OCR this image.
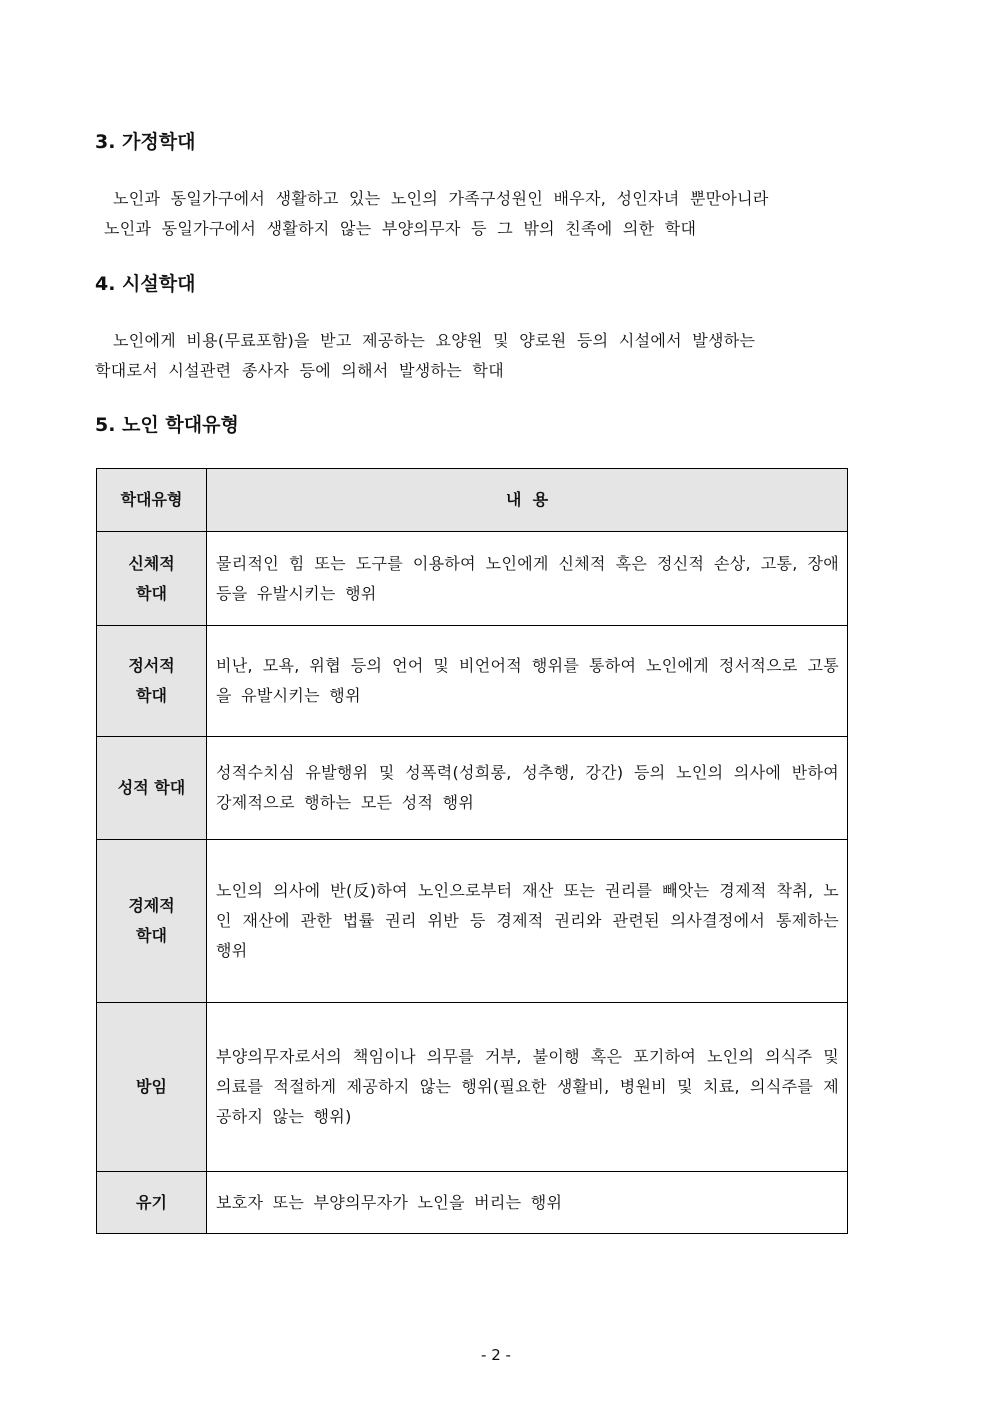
3. 가정학대

노인과 동일가구에서 생활하고 있는 노인의 가족구성원인 배우자, 성인자녀 뿐만아니라

노인과 동일가구에서 생활하지 않는 부양의무자 등 그 밖의 친족에 의한 학대

4. 시설학대

노인에게 비용(무료포함)을 받고 제공하는 요양원 및 양로원 등의 시설에서 발생하는

학대로서 시설관련 종사자 등에 의해서 발생하는 학대

5. 노인 학대유형
학대유형	내  용
신체적
학대	물리적인 힘 또는 도구를 이용하여 노인에게 신체적 혹은 정신적 손상, 고통, 장애 등을 유발시키는 행위
정서적
학대	비난, 모욕, 위협 등의 언어 및 비언어적 행위를 통하여 노인에게 정서적으로 고통을 유발시키는 행위
성적 학대	성적수치심 유발행위 및 성폭력(성희롱, 성추행, 강간) 등의 노인의 의사에 반하여 강제적으로 행하는 모든 성적 행위
경제적
학대	노인의 의사에 반(反)하여 노인으로부터 재산 또는 권리를 빼앗는 경제적 착취, 노인 재산에 관한 법률 권리 위반 등 경제적 권리와 관련된 의사결정에서 통제하는 행위
방임	부양의무자로서의 책임이나 의무를 거부, 불이행 혹은 포기하여 노인의 의식주 및 의료를 적절하게 제공하지 않는 행위(필요한 생활비, 병원비 및 치료, 의식주를 제공하지 않는 행위)
유기	보호자 또는 부양의무자가 노인을 버리는 행위
- 2 -
